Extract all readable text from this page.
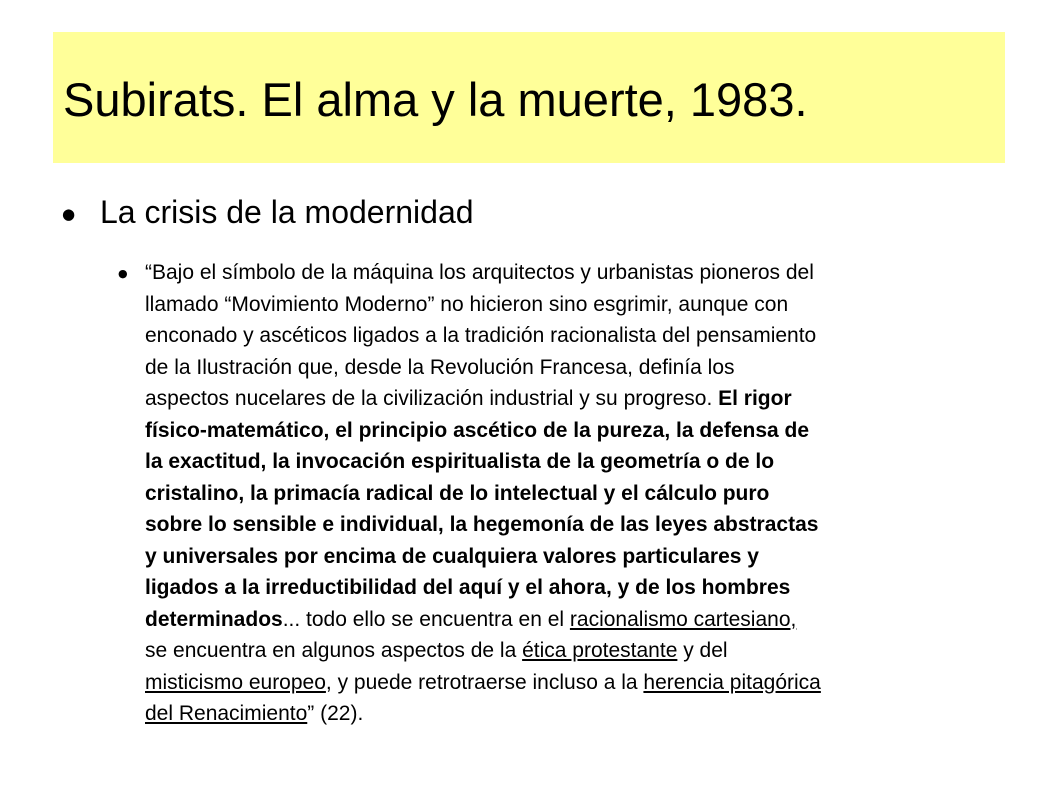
Subirats. El alma y la muerte, 1983.
● La crisis de la modernidad
● “Bajo el símbolo de la máquina los arquitectos y urbanistas pioneros del
llamado “Movimiento Moderno” no hicieron sino esgrimir, aunque con
enconado y ascéticos ligados a la tradición racionalista del pensamiento
de la Ilustración que, desde la Revolución Francesa, definía los
aspectos nucelares de la civilización industrial y su progreso. El rigor
físico-matemático, el principio ascético de la pureza, la defensa de
la exactitud, la invocación espiritualista de la geometría o de lo
cristalino, la primacía radical de lo intelectual y el cálculo puro
sobre lo sensible e individual, la hegemonía de las leyes abstractas
y universales por encima de cualquiera valores particulares y
ligados a la irreductibilidad del aquí y el ahora, y de los hombres
determinados... todo ello se encuentra en el racionalismo cartesiano,
se encuentra en algunos aspectos de la ética protestante y del
misticismo europeo, y puede retrotraerse incluso a la herencia pitagórica
del Renacimiento” (22).
